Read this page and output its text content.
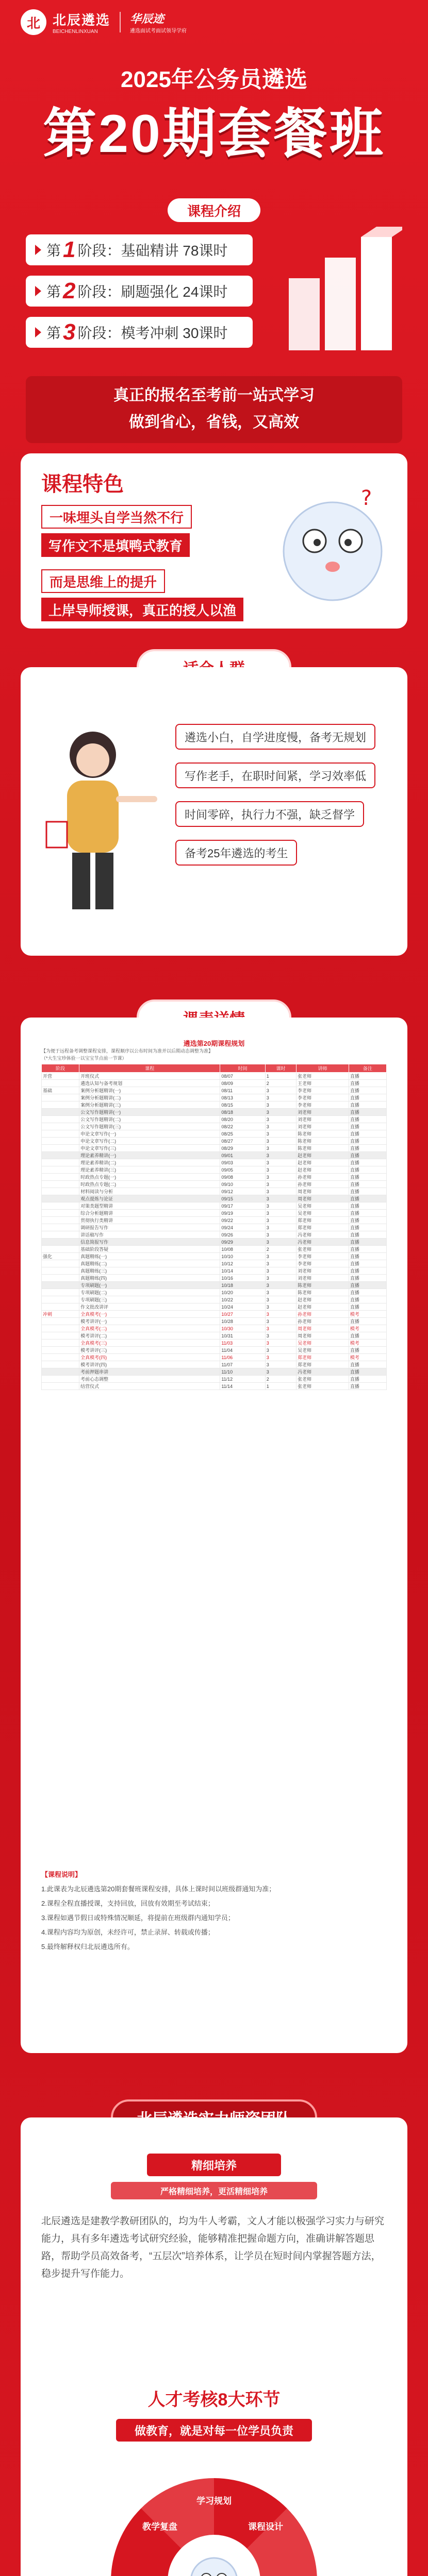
北 北辰遴选
BEICHENLINXUAN
华辰迹
遴选面试考面试领导学府
2025年公务员遴选
第20期套餐班
课程介绍
第 1 阶段：基础精讲 78课时
第 2 阶段：刷题强化 24课时
第 3 阶段：模考冲刺 30课时
真正的报名至考前一站式学习
做到省心，省钱，又高效
课程特色
一味埋头自学当然不行
写作文不是填鸭式教育
而是思维上的提升
上岸导师授课，真正的授人以渔
?
遴选小白，自学进度慢，备考无规划
写作老手，在职时间紧，学习效率低
时间零碎，执行力不强，缺乏督学
备考25年遴选的考生
遴选第20期课程规划
【为便于远程备考调整课程安排，课程顺序以公布时间为准并以后期动态调整为准】
（*大生宝珍体验一以宝宝节点前一节课）
阶段	课程	时间	课时	讲师	备注
开营	开班仪式	08/07	1	张老师	直播
	遴选认知与备考规划	08/09	2	王老师	直播
基础	案例分析题精讲(一)	08/11	3	李老师	直播
	案例分析题精讲(二)	08/13	3	李老师	直播
	案例分析题精讲(三)	08/15	3	李老师	直播
	公文写作题精讲(一)	08/18	3	刘老师	直播
	公文写作题精讲(二)	08/20	3	刘老师	直播
	公文写作题精讲(三)	08/22	3	刘老师	直播
	申论文章写作(一)	08/25	3	陈老师	直播
	申论文章写作(二)	08/27	3	陈老师	直播
	申论文章写作(三)	08/29	3	陈老师	直播
	理论素养精讲(一)	09/01	3	赵老师	直播
	理论素养精讲(二)	09/03	3	赵老师	直播
	理论素养精讲(三)	09/05	3	赵老师	直播
	时政热点专题(一)	09/08	3	孙老师	直播
	时政热点专题(二)	09/10	3	孙老师	直播
	材料阅读与分析	09/12	3	周老师	直播
	观点提炼与论证	09/15	3	周老师	直播
	对策类题型精讲	09/17	3	吴老师	直播
	综合分析题精讲	09/19	3	吴老师	直播
	贯彻执行类精讲	09/22	3	郑老师	直播
	调研报告写作	09/24	3	郑老师	直播
	讲话稿写作	09/26	3	冯老师	直播
	信息简报写作	09/29	3	冯老师	直播
	基础阶段答疑	10/08	2	张老师	直播
强化	真题精练(一)	10/10	3	李老师	直播
	真题精练(二)	10/12	3	李老师	直播
	真题精练(三)	10/14	3	刘老师	直播
	真题精练(四)	10/16	3	刘老师	直播
	专项刷题(一)	10/18	3	陈老师	直播
	专项刷题(二)	10/20	3	陈老师	直播
	专项刷题(三)	10/22	3	赵老师	直播
	作文批改讲评	10/24	3	赵老师	直播
冲刺	全真模考(一)	10/27	3	孙老师	模考
	模考讲评(一)	10/28	3	孙老师	直播
	全真模考(二)	10/30	3	周老师	模考
	模考讲评(二)	10/31	3	周老师	直播
	全真模考(三)	11/03	3	吴老师	模考
	模考讲评(三)	11/04	3	吴老师	直播
	全真模考(四)	11/06	3	郑老师	模考
	模考讲评(四)	11/07	3	郑老师	直播
	考前押题串讲	11/10	3	冯老师	直播
	考前心态调整	11/12	2	张老师	直播
	结营仪式	11/14	1	张老师	直播
【课程说明】
1.此课表为北辰遴选第20期套餐班课程安排，具体上课时间以班级群通知为准；
2.课程全程直播授课，支持回放，回放有效期至考试结束；
3.课程如遇节假日或特殊情况顺延，将提前在班级群内通知学员；
4.课程内容均为原创，未经许可，禁止录屏、转载或传播；
5.最终解释权归北辰遴选所有。
精细培养
严格精细培养，更活精细培养
北辰遴选是建教学教研团队的，均为牛人考霸，文人才能以极强学习实力与研究能力，具有多年遴选考试研究经验，能够精准把握命题方向，准确讲解答题思路，帮助学员高效备考，“五层次”培养体系，让学员在短时间内掌握答题方法，稳步提升写作能力。
人才考核8大环节
做教育，就是对每一位学员负责
学习规划
课程设计
教学复盘
